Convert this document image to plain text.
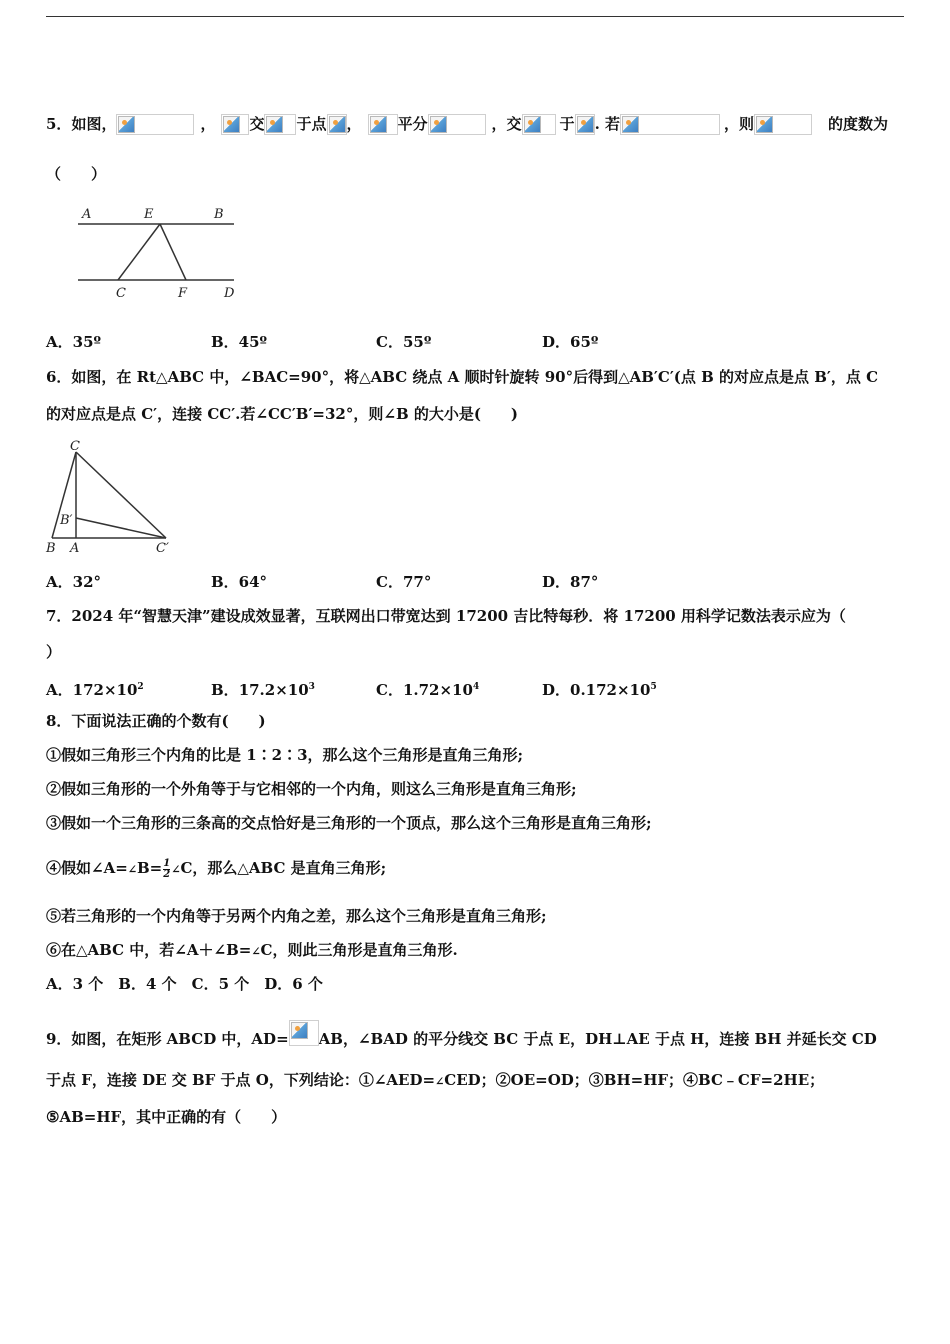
5．如图，	， 交 于点 ， 平分	，交	于 . 若	，则	的度数为
（　　）
A	E	B
C	F	D
A．35º	B．45º	C．55º	D．65º
6．如图，在 Rt△ABC 中，∠BAC=90°，将△ABC 绕点 A 顺时针旋转 90°后得到△AB′C′(点 B 的对应点是点 B′，点 C
的对应点是点 C′，连接 CC′.若∠CC′B′=32°，则∠B 的大小是(　　)
C
B′
B A	C′
A．32°	B．64°	C．77°	D．87°
7．2024 年“智慧天津”建设成效显著，互联网出口带宽达到 17200 吉比特每秒．将 17200 用科学记数法表示应为（
）
A．$172\times 10^2$	B．$17.2\times 10^3$	C．$1.72\times 10^4$	D．$0.172\times 10^5$
8．下面说法正确的个数有(　　)
①假如三角形三个内角的比是 1∶2∶3，那么这个三角形是直角三角形;
②假如三角形的一个外角等于与它相邻的一个内角，则这么三角形是直角三角形;
③假如一个三角形的三条高的交点恰好是三角形的一个顶点，那么这个三角形是直角三角形;
④假如∠A=∠B= $\frac{1}{2}$ ∠C，那么△ABC 是直角三角形;
⑤若三角形的一个内角等于另两个内角之差，那么这个三角形是直角三角形;
⑥在△ABC 中，若∠A＋∠B=∠C，则此三角形是直角三角形.
A．3 个　B．4 个　C．5 个　D．6 个
9．如图，在矩形 ABCD 中，AD= AB，∠BAD 的平分线交 BC 于点 E，DH⊥AE 于点 H，连接 BH 并延长交 CD
于点 F，连接 DE 交 BF 于点 O，下列结论：①∠AED=∠CED；②OE=OD；③BH=HF；④BC﹣CF=2HE；
⑤AB=HF，其中正确的有（　　）
